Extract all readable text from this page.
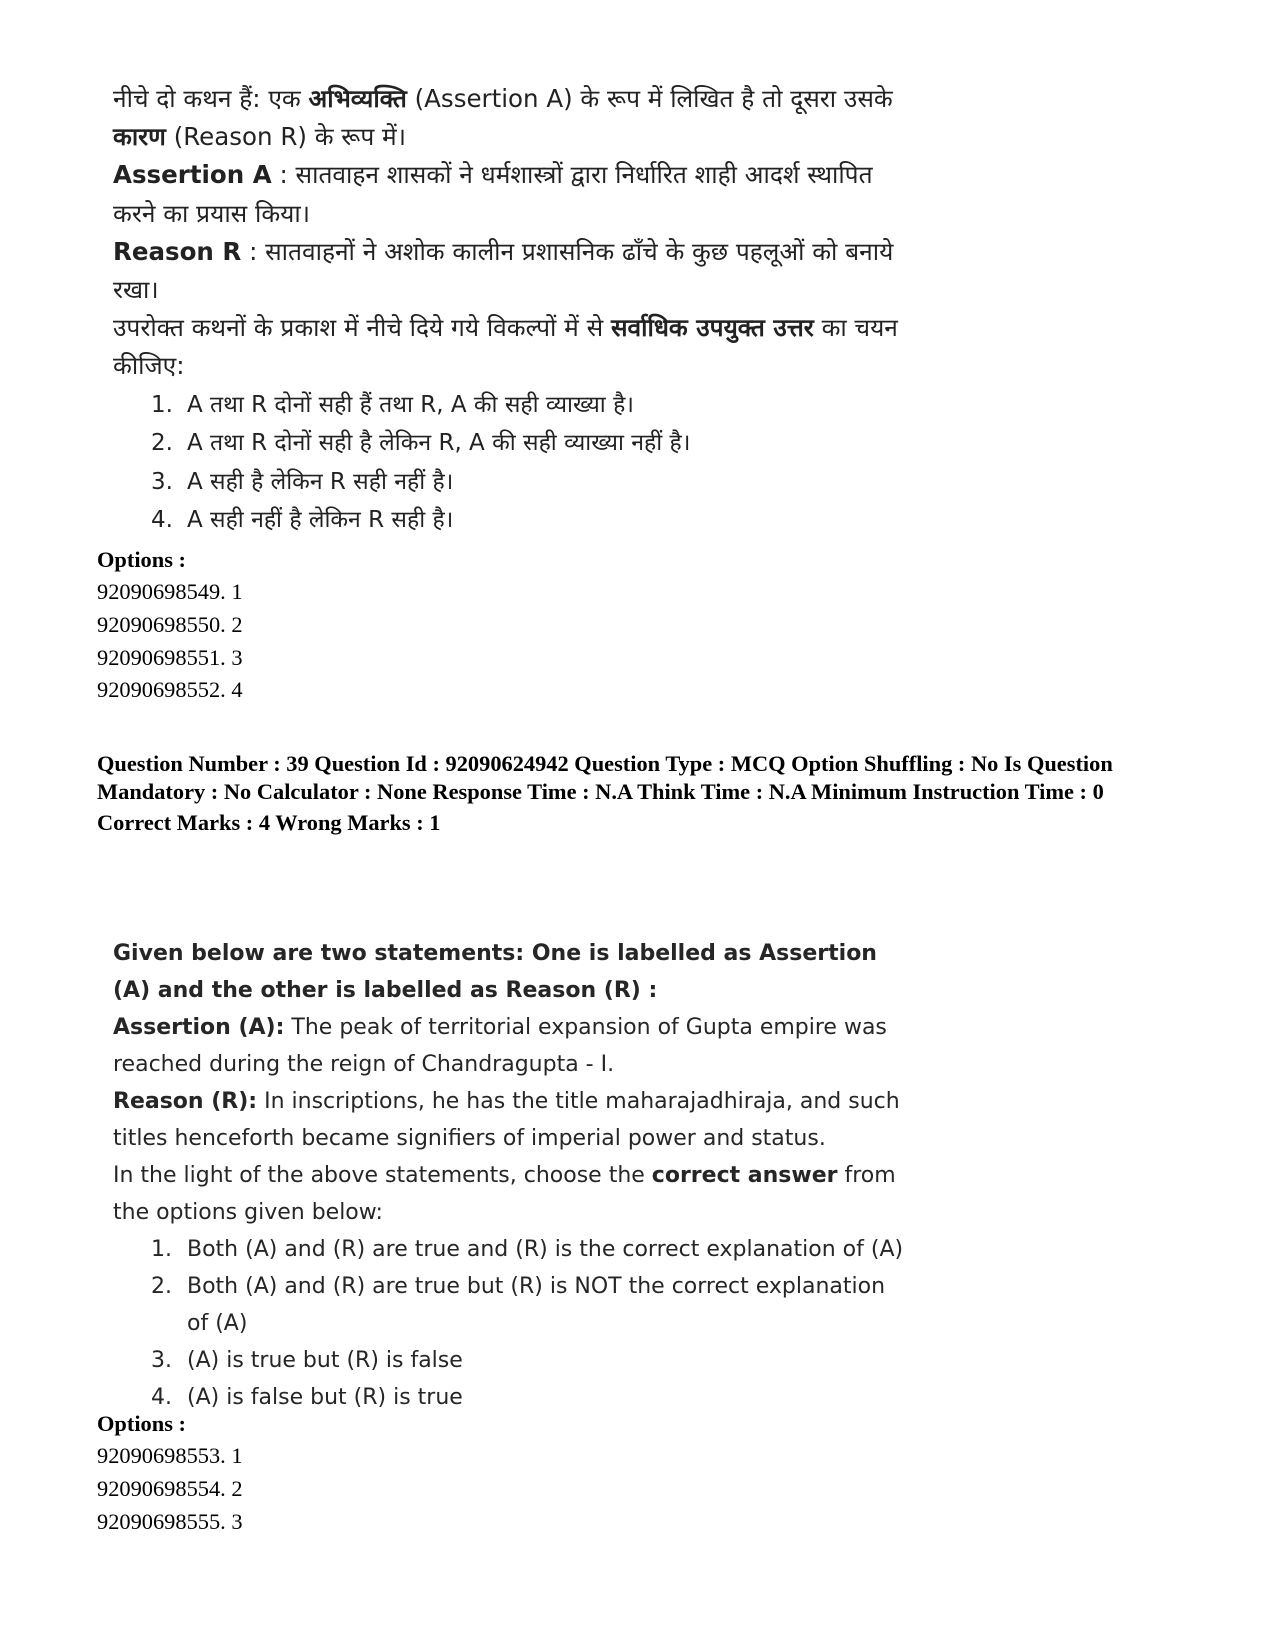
नीचे दो कथन हैं: एक अभिव्यक्ति (Assertion A) के रूप में लिखित है तो दूसरा उसके कारण (Reason R) के रूप में।

Assertion A : सातवाहन शासकों ने धर्मशास्त्रों द्वारा निर्धारित शाही आदर्श स्थापित करने का प्रयास किया।

Reason R : सातवाहनों ने अशोक कालीन प्रशासनिक ढाँचे के कुछ पहलूओं को बनाये रखा।

उपरोक्त कथनों के प्रकाश में नीचे दिये गये विकल्पों में से सर्वाधिक उपयुक्त उत्तर का चयन कीजिए:

1. A तथा R दोनों सही हैं तथा R, A की सही व्याख्या है।
2. A तथा R दोनों सही है लेकिन R, A की सही व्याख्या नहीं है।
3. A सही है लेकिन R सही नहीं है।
4. A सही नहीं है लेकिन R सही है।
Options :
92090698549. 1
92090698550. 2
92090698551. 3
92090698552. 4
Question Number : 39 Question Id : 92090624942 Question Type : MCQ Option Shuffling : No Is Question Mandatory : No Calculator : None Response Time : N.A Think Time : N.A Minimum Instruction Time : 0
Correct Marks : 4 Wrong Marks : 1

Given below are two statements: One is labelled as Assertion (A) and the other is labelled as Reason (R) :

Assertion (A): The peak of territorial expansion of Gupta empire was reached during the reign of Chandragupta - I.

Reason (R): In inscriptions, he has the title maharajadhiraja, and such titles henceforth became signifiers of imperial power and status.

In the light of the above statements, choose the correct answer from the options given below:

1. Both (A) and (R) are true and (R) is the correct explanation of (A)
2. Both (A) and (R) are true but (R) is NOT the correct explanation of (A)
3. (A) is true but (R) is false
4. (A) is false but (R) is true
Options :
92090698553. 1
92090698554. 2
92090698555. 3
